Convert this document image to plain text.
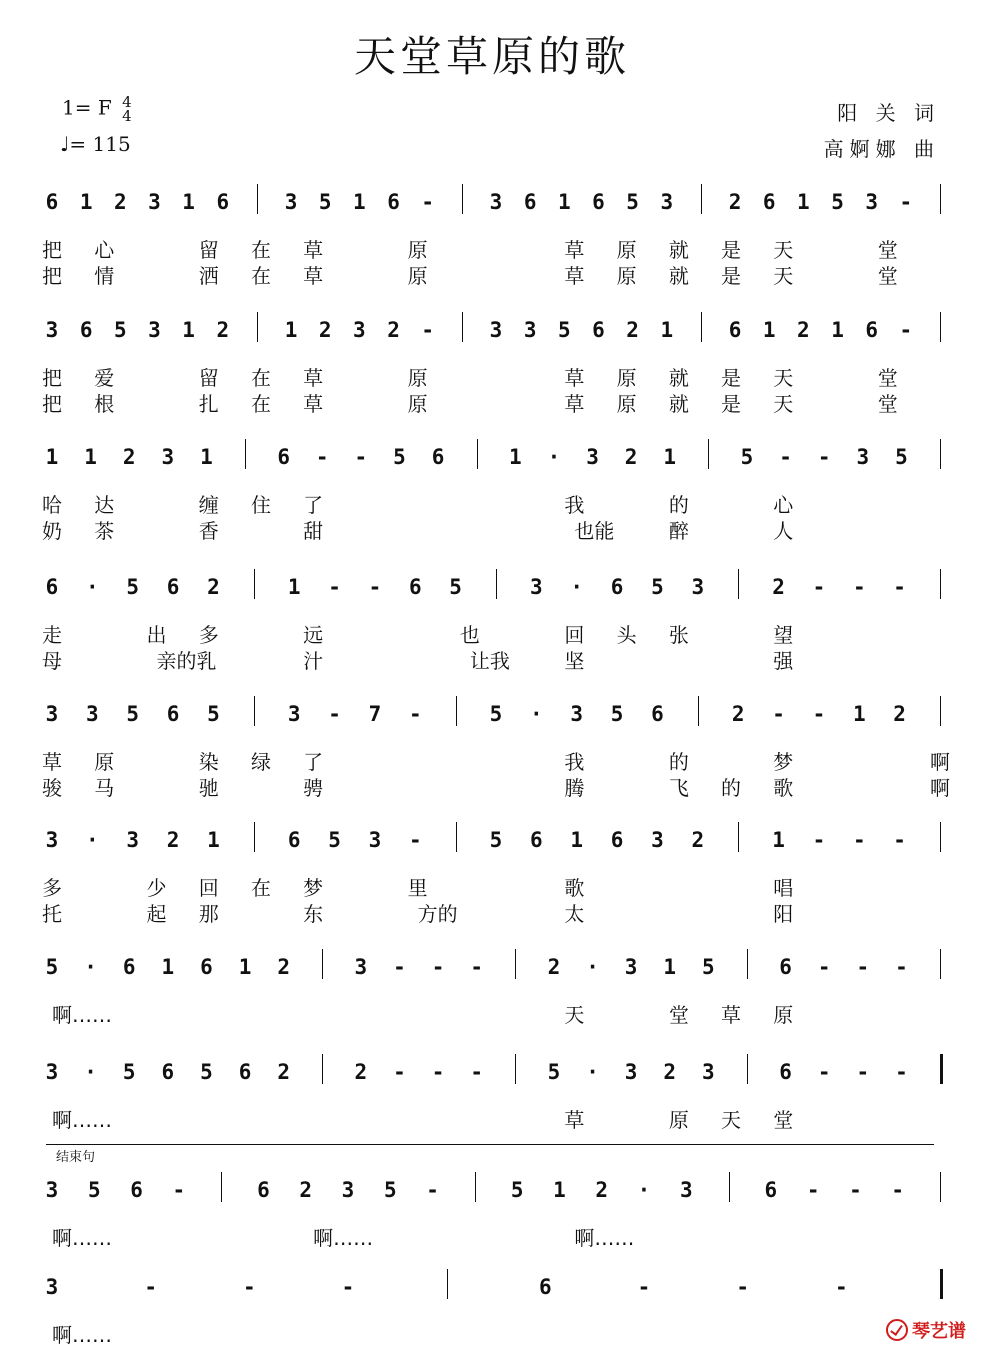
天堂草原的歌
1= F 4
4
♩= 115
阳 关 词
高婀娜 曲
6 1 2 3 1 6	3 5 1 6 -	3 6 1 6 5 3	2 6 1 5 3 -
把 心	留 在 草	原	草 原 就 是 天	堂
把 情	洒 在 草	原	草 原 就 是 天	堂
3 6 5 3 1 2	1 2 3 2 -	3 3 5 6 2 1	6 1 2 1 6 -
把 爱	留 在 草	原	草 原 就 是 天	堂
把 根	扎 在 草	原	草 原 就 是 天	堂
1 1 2 3 1	6 - - 5 6	1 · 3 2 1	5 - - 3 5
哈 达	缠 住 了	我	的	心
奶 茶	香	甜	也能	醉	人
6 · 5 6 2	1 - - 6 5	3 · 6 5 3	2 - - -
走	出 多	远	也	回 头 张	望
母	亲的乳	汁	让我	坚	强
3 3 5 6 5	3 - 7 -	5 · 3 5 6	2 - - 1 2
草 原	染 绿 了	我	的	梦	啊
骏 马	驰	骋	腾	飞 的 歌	啊
3 · 3 2 1	6 5 3 -	5 6 1 6 3 2	1 - - -
多	少 回 在 梦	里	歌	唱
托	起 那	东	方的	太	阳
5 · 6 1 6 1 2	3 - - -	2 · 3 1 5	6 - - -
啊……	天	堂 草 原
3 · 5 6 5 6 2	2 - - -	5 · 3 2 3	6 - - -
啊……	草	原 天 堂
3 5 6 -	6 2 3 5 -	5 1 2 · 3	6 - - -
啊……	啊……	啊……
3	-	-	-	6	-	-	-
啊……
结束句
琴艺谱
